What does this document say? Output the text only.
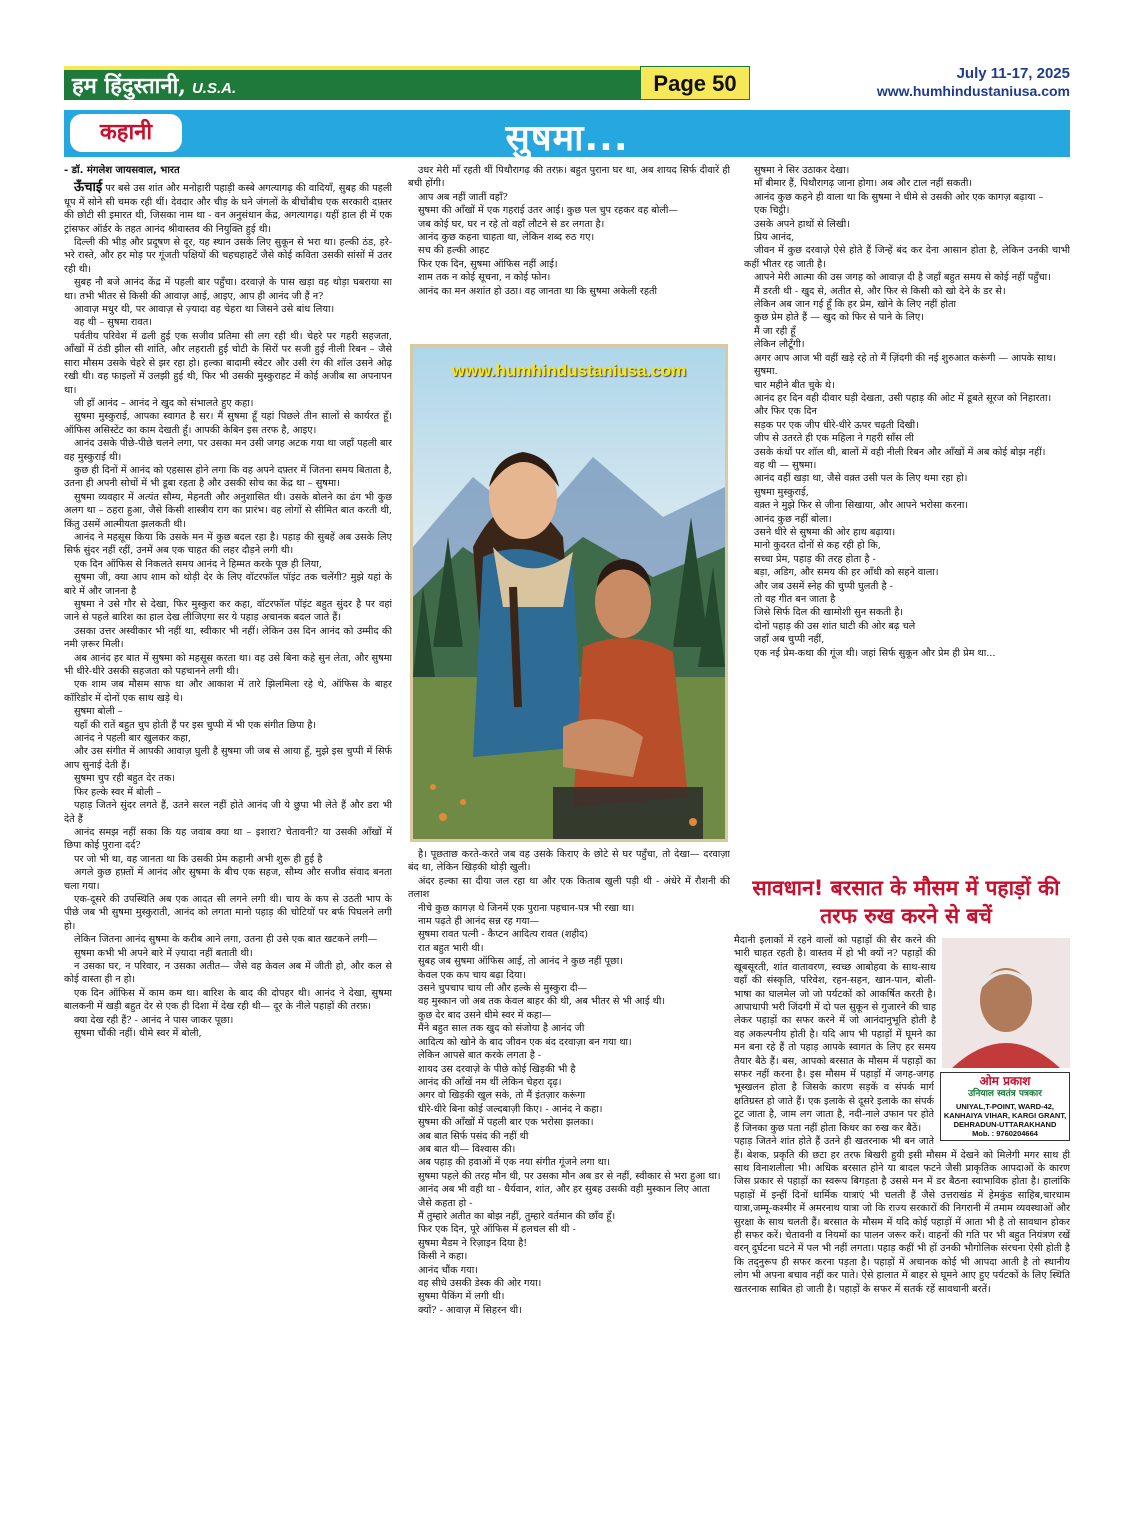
हम हिंदुस्तानी, U.S.A.	Page 50	July 11-17, 2025
www.humhindustaniusa.com
कहानी	सुषमा...

- डॉ. मंगलेश जायसवाल, भारत

ऊँचाई पर बसे उस शांत और मनोहारी पहाड़ी कस्बे अगत्यागढ़ की वादियाँ, सुबह की पहली धूप में सोने सी चमक रही थीं। देवदार और चीड़ के घने जंगलों के बीचोंबीच एक सरकारी दफ़्तर की छोटी सी इमारत थी, जिसका नाम था - वन अनुसंधान केंद्र, अगत्यागढ़। यहीं हाल ही में एक ट्रांसफर ऑर्डर के तहत आनंद श्रीवास्तव की नियुक्ति हुई थी।

दिल्ली की भीड़ और प्रदूषण से दूर, यह स्थान उसके लिए सुकून से भरा था। हल्की ठंड, हरे-भरे रास्ते, और हर मोड़ पर गूंजती पक्षियों की चहचहाहटें जैसे कोई कविता उसकी सांसों में उतर रही थी।

सुबह नौ बजे आनंद केंद्र में पहली बार पहुँचा। दरवाज़े के पास खड़ा वह थोड़ा घबराया सा था। तभी भीतर से किसी की आवाज़ आई, आइए, आप ही आनंद जी हैं न?

आवाज़ मधुर थी, पर आवाज़ से ज़्यादा वह चेहरा था जिसने उसे बांध लिया।

वह थी – सुषमा रावत।

पर्वतीय परिवेश में ढली हुई एक सजीव प्रतिमा सी लग रही थी। चेहरे पर गहरी सहजता, आँखों में ठंडी झील सी शांति, और लहराती हुई चोटी के सिरों पर सजी हुई नीली रिबन – जैसे सारा मौसम उसके चेहरे से झर रहा हो। हल्का बादामी स्वेटर और उसी रंग की शॉल उसने ओढ़ रखी थी। वह फाइलों में उलझी हुई थी, फिर भी उसकी मुस्कुराहट में कोई अजीब सा अपनापन था।

जी हाँ आनंद – आनंद ने खुद को संभालते हुए कहा।

सुषमा मुस्कुराई, आपका स्वागत है सर। मैं सुषमा हूँ यहां पिछले तीन सालों से कार्यरत हूँ। ऑफिस असिस्टेंट का काम देखती हूँ। आपकी केबिन इस तरफ है, आइए।

आनंद उसके पीछे-पीछे चलने लगा, पर उसका मन उसी जगह अटक गया था जहाँ पहली बार वह मुस्कुराई थी।

कुछ ही दिनों में आनंद को एहसास होने लगा कि वह अपने दफ़्तर में जितना समय बिताता है, उतना ही अपनी सोचों में भी डूबा रहता है और उसकी सोच का केंद्र था – सुषमा।

सुषमा व्यवहार में अत्यंत सौम्य, मेहनती और अनुशासित थी। उसके बोलने का ढंग भी कुछ अलग था – ठहरा हुआ, जैसे किसी शास्त्रीय राग का प्रारंभ। वह लोगों से सीमित बात करती थी, किंतु उसमें आत्मीयता झलकती थी।

आनंद ने महसूस किया कि उसके मन में कुछ बदल रहा है। पहाड़ की सुबहें अब उसके लिए सिर्फ सुंदर नहीं रहीं, उनमें अब एक चाहत की लहर दौड़ने लगी थी।

एक दिन ऑफिस से निकलते समय आनंद ने हिम्मत करके पूछ ही लिया,

सुषमा जी, क्या आप शाम को थोड़ी देर के लिए वॉटरफॉल पॉइंट तक चलेंगी? मुझे यहां के बारे में और जानना है

सुषमा ने उसे गौर से देखा, फिर मुस्कुरा कर कहा, वॉटरफॉल पॉइंट बहुत सुंदर है पर वहां जाने से पहले बारिश का हाल देख लीजिएगा सर ये पहाड़ अचानक बदल जाते हैं।

उसका उत्तर अस्वीकार भी नहीं था, स्वीकार भी नहीं। लेकिन उस दिन आनंद को उम्मीद की नमी ज़रूर मिली।

अब आनंद हर बात में सुषमा को महसूस करता था। वह उसे बिना कहे सुन लेता, और सुषमा भी धीरे-धीरे उसकी सहजता को पहचानने लगी थी।

एक शाम जब मौसम साफ था और आकाश में तारे झिलमिला रहे थे, ऑफिस के बाहर कॉरिडोर में दोनों एक साथ खड़े थे।

सुषमा बोली –

यहाँ की रातें बहुत चुप होती हैं पर इस चुप्पी में भी एक संगीत छिपा है।

आनंद ने पहली बार खुलकर कहा,

और उस संगीत में आपकी आवाज़ घुली है सुषमा जी जब से आया हूँ, मुझे इस चुप्पी में सिर्फ आप सुनाई देती हैं।

सुषमा चुप रही बहुत देर तक।

फिर हल्के स्वर में बोली –

पहाड़ जितने सुंदर लगते हैं, उतने सरल नहीं होते आनंद जी ये छुपा भी लेते हैं और डरा भी देते हैं

आनंद समझ नहीं सका कि यह जवाब क्या था – इशारा? चेतावनी? या उसकी आँखों में छिपा कोई पुराना दर्द?

पर जो भी था, वह जानता था कि उसकी प्रेम कहानी अभी शुरू ही हुई है

अगले कुछ हफ़्तों में आनंद और सुषमा के बीच एक सहज, सौम्य और सजीव संवाद बनता चला गया।

एक-दूसरे की उपस्थिति अब एक आदत सी लगने लगी थी। चाय के कप से उठती भाप के पीछे जब भी सुषमा मुस्कुराती, आनंद को लगता मानो पहाड़ की चोटियों पर बर्फ पिघलने लगी हो।

लेकिन जितना आनंद सुषमा के करीब आने लगा, उतना ही उसे एक बात खटकने लगी—

सुषमा कभी भी अपने बारे में ज़्यादा नहीं बताती थी।

न उसका घर, न परिवार, न उसका अतीत— जैसे वह केवल अब में जीती हो, और कल से कोई वास्ता ही न हो।

एक दिन ऑफिस में काम कम था। बारिश के बाद की दोपहर थी। आनंद ने देखा, सुषमा बालकनी में खड़ी बहुत देर से एक ही दिशा में देख रही थी— दूर के नीले पहाड़ों की तरफ़।

क्या देख रही हैं? - आनंद ने पास जाकर पूछा।

सुषमा चौंकी नहीं। धीमे स्वर में बोली,

उधर मेरी माँ रहती थीं पिथौरागढ़ की तरफ़। बहुत पुराना घर था, अब शायद सिर्फ दीवारें ही बची होंगी।

आप अब नहीं जातीं वहाँ?

सुषमा की आँखों में एक गहराई उतर आई। कुछ पल चुप रहकर वह बोली—

जब कोई घर, घर न रहे तो वहाँ लौटने से डर लगता है।

आनंद कुछ कहना चाहता था, लेकिन शब्द रुठ गए।

सच की हल्की आहट

फिर एक दिन, सुषमा ऑफिस नहीं आई।

शाम तक न कोई सूचना, न कोई फोन।

आनंद का मन अशांत हो उठा। वह जानता था कि सुषमा अकेली रहती

www.humhindustaniusa.com

है। पूछताछ करते-करते जब वह उसके किराए के छोटे से घर पहुँचा, तो देखा— दरवाज़ा बंद था, लेकिन खिड़की थोड़ी खुली।

अंदर हल्का सा दीया जल रहा था और एक किताब खुली पड़ी थी - अंधेरे में रौशनी की तलाश

नीचे कुछ कागज़ थे जिनमें एक पुराना पहचान-पत्र भी रखा था।

नाम पढ़ते ही आनंद सन्न रह गया—

सुषमा रावत पत्नी - कैप्टन आदित्य रावत (शहीद)

रात बहुत भारी थी।

सुबह जब सुषमा ऑफिस आई, तो आनंद ने कुछ नहीं पूछा।

केवल एक कप चाय बढ़ा दिया।

उसने चुपचाप चाय ली और हल्के से मुस्कुरा दी—

वह मुस्कान जो अब तक केवल बाहर की थी, अब भीतर से भी आई थी।

कुछ देर बाद उसने धीमे स्वर में कहा—

मैंने बहुत साल तक खुद को संजोया है आनंद जी

आदित्य को खोने के बाद जीवन एक बंद दरवाज़ा बन गया था।

लेकिन आपसे बात करके लगता है -

शायद उस दरवाज़े के पीछे कोई खिड़की भी है

आनंद की आँखें नम थीं लेकिन चेहरा दृढ़।

अगर वो खिड़की खुल सके, तो मैं इंतज़ार करूंगा

धीरे-धीरे बिना कोई जल्दबाज़ी किए। - आनंद ने कहा।

सुषमा की आँखों में पहली बार एक भरोसा झलका।

अब बात सिर्फ पसंद की नहीं थी

अब बात थी— विश्वास की।

अब पहाड़ की हवाओं में एक नया संगीत गूंजने लगा था।

सुषमा पहले की तरह मौन थी, पर उसका मौन अब डर से नहीं, स्वीकार से भरा हुआ था।

आनंद अब भी वही था - धैर्यवान, शांत, और हर सुबह उसकी वही मुस्कान लिए आता

जैसे कहता हो -

मैं तुम्हारे अतीत का बोझ नहीं, तुम्हारे वर्तमान की छाँव हूँ।

फिर एक दिन, पूरे ऑफिस में हलचल सी थी -

सुषमा मैडम ने रिज़ाइन दिया है!

किसी ने कहा।

आनंद चौंक गया।

वह सीधे उसकी डेस्क की ओर गया।

सुषमा पैकिंग में लगी थी।

क्यों? - आवाज़ में सिहरन थी।

सुषमा ने सिर उठाकर देखा।

माँ बीमार हैं, पिथौरागढ़ जाना होगा। अब और टाल नहीं सकती।

आनंद कुछ कहने ही वाला था कि सुषमा ने धीमे से उसकी ओर एक कागज़ बढ़ाया –

एक चिट्ठी।

उसके अपने हाथों से लिखी।

प्रिय आनंद,

जीवन में कुछ दरवाज़े ऐसे होते हैं जिन्हें बंद कर देना आसान होता है, लेकिन उनकी चाभी कहीं भीतर रह जाती है।

आपने मेरी आत्मा की उस जगह को आवाज़ दी है जहाँ बहुत समय से कोई नहीं पहुँचा।

मैं डरती थी - खुद से, अतीत से, और फिर से किसी को खो देने के डर से।

लेकिन अब जान गई हूँ कि हर प्रेम, खोने के लिए नहीं होता

कुछ प्रेम होते हैं — खुद को फिर से पाने के लिए।

मैं जा रही हूँ

लेकिन लौटूँगी।

अगर आप आज भी वहीं खड़े रहे तो मैं ज़िंदगी की नई शुरुआत करूंगी — आपके साथ।

सुषमा.

चार महीने बीत चुके थे।

आनंद हर दिन वही दीवार घड़ी देखता, उसी पहाड़ की ओट में डूबते सूरज को निहारता।

और फिर एक दिन

सड़क पर एक जीप धीरे-धीरे ऊपर चढ़ती दिखी।

जीप से उतरते ही एक महिला ने गहरी साँस ली

उसके कंधों पर शॉल थी, बालों में वही नीली रिबन और आँखों में अब कोई बोझ नहीं।

वह थी — सुषमा।

आनंद वहीं खड़ा था, जैसे वक़्त उसी पल के लिए थमा रहा हो।

सुषमा मुस्कुराई,

वक़्त ने मुझे फिर से जीना सिखाया, और आपने भरोसा करना।

आनंद कुछ नहीं बोला।

उसने धीरे से सुषमा की ओर हाथ बढ़ाया।

मानो कुदरत दोनों से कह रही हो कि,

सच्चा प्रेम, पहाड़ की तरह होता है -

बड़ा, अडिग, और समय की हर आँधी को सहने वाला।

और जब उसमें स्नेह की चुप्पी घुलती है -

तो वह गीत बन जाता है

जिसे सिर्फ दिल की खामोशी सुन सकती है।

दोनों पहाड़ की उस शांत घाटी की ओर बढ़ चले

जहाँ अब चुप्पी नहीं,

एक नई प्रेम-कथा की गूंज थी। जहां सिर्फ सुकून और प्रेम ही प्रेम था...

सावधान! बरसात के मौसम में पहाड़ों की तरफ रुख करने से बचें
ओम प्रकाश
उनियाल स्वतंत्र पत्रकार
UNIYAL,T-POINT, WARD-42,
KANHAIYA VIHAR, KARGI GRANT,
DEHRADUN-UTTARAKHAND
Mob. : 9760204664

मैदानी इलाकों में रहने वालों को पहाड़ों की सैर करने की भारी चाहत रहती है। वास्तव में हो भी क्यों न? पहाड़ों की खूबसूरती, शांत वातावरण, स्वच्छ आबोहवा के साथ-साथ वहाँ की संस्कृति, परिवेश, रहन-सहन, खान-पान, बोली-भाषा का घालमेल जो जो पर्यटकों को आकर्षित करती है। आपाधापी भरी जिंदगी में दो पल सुकून से गुजारने की चाह लेकर पहाड़ों का सफर करने में जो आनंदानुभूति होती है वह अकल्पनीय होती है। यदि आप भी पहाड़ों में घूमने का मन बना रहे हैं तो पहाड़ आपके स्वागत के लिए हर समय तैयार बैठे हैं। बस, आपको बरसात के मौसम में पहाड़ों का सफर नहीं करना है। इस मौसम में पहाड़ों में जगह-जगह भूस्खलन होता है जिसके कारण सड़कें व संपर्क मार्ग क्षतिग्रस्त हो जाते हैं। एक इलाके से दूसरे इलाके का संपर्क टूट जाता है, जाम लग जाता है, नदी-नाले उफान पर होते हैं जिनका कुछ पता नहीं होता किधर का रुख कर बैठें।

पहाड़ जितने शांत होते हैं उतने ही खतरनाक भी बन जाते हैं। बेशक, प्रकृति की छटा हर तरफ बिखरी हुयी इसी मौसम में देखने को मिलेगी मगर साथ ही साथ विनाशलीला भी। अधिक बरसात होने या बादल फटने जैसी प्राकृतिक आपदाओं के कारण जिस प्रकार से पहाड़ों का स्वरूप बिगड़ता है उससे मन में डर बैठना स्वाभाविक होता है। हालांकि पहाड़ों में इन्हीं दिनों धार्मिक यात्राएं भी चलती हैं जैसे उत्तराखंड में हेमकुंड साहिब,चारधाम यात्रा,जम्मू-कश्मीर में अमरनाथ यात्रा जो कि राज्य सरकारों की निगरानी में तमाम व्यवस्थाओं और सुरक्षा के साथ चलती हैं। बरसात के मौसम में यदि कोई पहाड़ों में आता भी है तो सावधान होकर ही सफर करें। चेतावनी व नियमों का पालन जरूर करें। वाहनों की गति पर भी बहुत नियंत्रण रखें वरन् दुर्घटना घटने में पल भी नहीं लगता। पहाड़ कहीं भी हों उनकी भौगोलिक संरचना ऐसी होती है कि तद्नुरूप ही सफर करना पड़ता है। पहाड़ों में अचानक कोई भी आपदा आती है तो स्थानीय लोग भी अपना बचाव नहीं कर पाते। ऐसे हालात में बाहर से घूमने आए हुए पर्यटकों के लिए स्थिति खतरनाक साबित हो जाती है। पहाड़ों के सफर में सतर्क रहें सावधानी बरतें।
